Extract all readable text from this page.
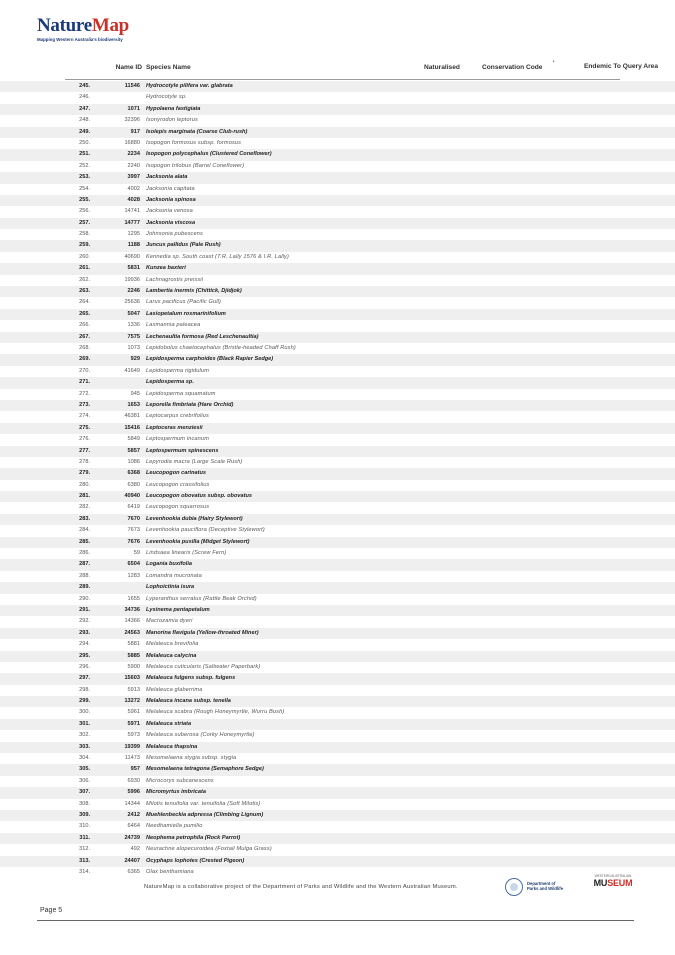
NatureMap
Mapping Western Australia's biodiversity
Name ID Species Name	Naturalised	Conservation Code '	Endemic To Query Area
245.	11546 Hydrocotyle pilifera var. glabrata
246.	Hydrocotyle sp.
247.	1071 Hypolaena fastigiata
248.	32396 Isonyrodon leptorus
249.	917 Isolepis marginata (Coarse Club-rush)
250.	16880 Isopogon formosus subsp. formosus
251.	2234 Isopogon polycephalus (Clustered Coneflower)
252.	2240 Isopogon trilobus (Barrel Coneflower)
253.	3997 Jacksonia alata
254.	4002 Jacksonia capitata
255.	4028 Jacksonia spinosa
256.	14741 Jacksonia venosa
257.	14777 Jacksonia viscosa
258.	1295 Johnsonia pubescens
259.	1188 Juncus pallidus (Pale Rush)
260.	40690 Kennedia sp. South coast (T.R. Lally 1576 & I.R. Lally)
261.	5831 Kunzea baxteri
262.	19936 Lachnagrostis preissii
263.	2246 Lambertia inermis (Chittick, Djidjok)
264.	25636 Larus pacificus (Pacific Gull)
265.	5047 Lasiopetalum rosmarinifolium
266.	1336 Laxmannia paleacea
267.	7575 Lechenaultia formosa (Red Leschenaultia)
268.	1073 Lepidobolus chaetocephalus (Bristle-headed Chaff Rush)
269.	929 Lepidosperma carphoides (Black Rapier Sedge)
270.	41649 Lepidosperma rigidulum
271.	Lepidosperma sp.
272.	945 Lepidosperma squamatum
273.	1653 Leporella fimbriata (Hare Orchid)
274.	46381 Leptocarpus crebrifolius
275.	15416 Leptoceras menziesii
276.	5849 Leptospermum incanum
277.	5857 Leptospermum spinescens
278.	1086 Lepyrodia macra (Large Scale Rush)
279.	6368 Leucopogon carinatus
280.	6380 Leucopogon crassifolius
281.	40940 Leucopogon obovatus subsp. obovatus
282.	6419 Leucopogon squarrosus
283.	7670 Levenhookia dubia (Hairy Stylewort)
284.	7673 Levenhookia pauciflora (Deceptive Stylewort)
285.	7676 Levenhookia pusilla (Midget Stylewort)
286.	59 Lindsaea linearis (Screw Fern)
287.	6504 Logania buxifolia
288.	1283 Lomandra mucronata
289.	Lophoictinia isura
290.	1655 Lyperanthus serratus (Rattle Beak Orchid)
291.	34736 Lysinema pentapetalum
292.	14366 Macrozamia dyeri
293.	24563 Manorina flavigula (Yellow-throated Miner)
294.	5881 Melaleuca brevifolia
295.	5885 Melaleuca calycina
296.	5900 Melaleuca cuticularis (Saltwater Paperbark)
297.	15603 Melaleuca fulgens subsp. fulgens
298.	5913 Melaleuca glaberrima
299.	13272 Melaleuca incana subsp. tenella
300.	5961 Melaleuca scabra (Rough Honeymyrtle, Wurru Bush)
301.	5971 Melaleuca striata
302.	5973 Melaleuca suberosa (Corky Honeymyrtle)
303.	19399 Melaleuca thapsina
304.	11473 Mesomelaena stygia subsp. stygia
305.	957 Mesomelaena tetragona (Semaphore Sedge)
306.	6930 Microcorys subcanescens
307.	5996 Micromyrtus imbricata
308.	14344 Milotis tenuifolia var. tenuifolia (Soft Milotis)
309.	2412 Muehlenbeckia adpressa (Climbing Lignum)
310.	6464 Needhamiella pumilio
311.	24739 Neophema petrophila (Rock Parrot)
312.	492 Neurachne alopecuroidea (Foxtail Mulga Grass)
313.	24407 Ocyphaps lophotes (Crested Pigeon)
314.	6365 Olax benthamiana
NatureMap is a collaborative project of the Department of Parks and Wildlife and the Western Australian Museum.
Department of
Parks and Wildlife
WESTERN AUSTRALIAN
MUSEUM
Page 5
